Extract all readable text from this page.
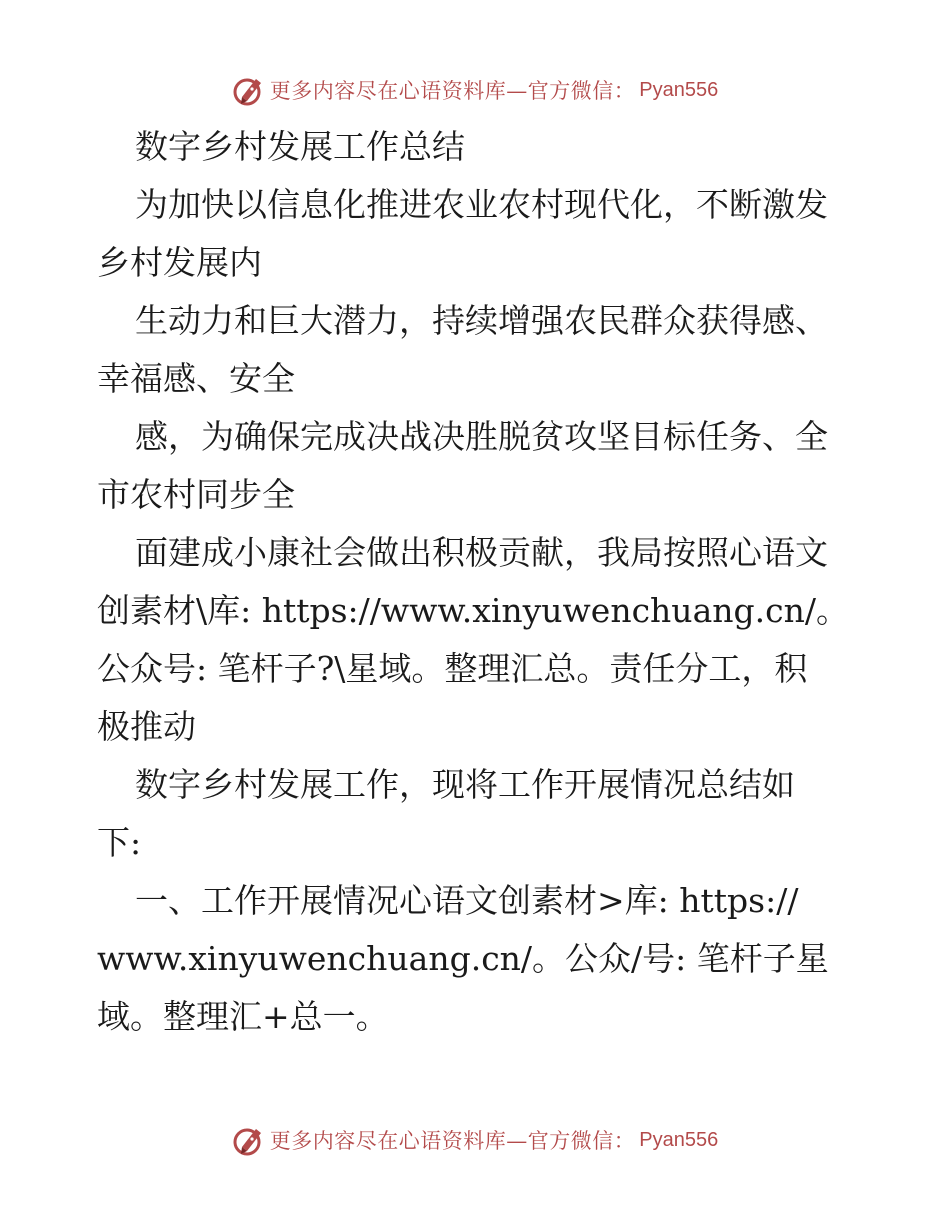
更多内容尽在心语资料库—官方微信： Pyan556
数字乡村发展工作总结
为加快以信息化推进农业农村现代化，不断激发
乡村发展内
生动力和巨大潜力，持续增强农民群众获得感、
幸福感、安全
感，为确保完成决战决胜脱贫攻坚目标任务、全
市农村同步全
面建成小康社会做出积极贡献，我局按照心语文
创素材\库: https://www.xinyuwenchuang.cn/。
公众号: 笔杆子?\星域。整理汇总。责任分工，积
极推动
数字乡村发展工作，现将工作开展情况总结如
下:
一、工作开展情况心语文创素材>库: https://
www.xinyuwenchuang.cn/。公众/号: 笔杆子星
域。整理汇+总一。
更多内容尽在心语资料库—官方微信： Pyan556
